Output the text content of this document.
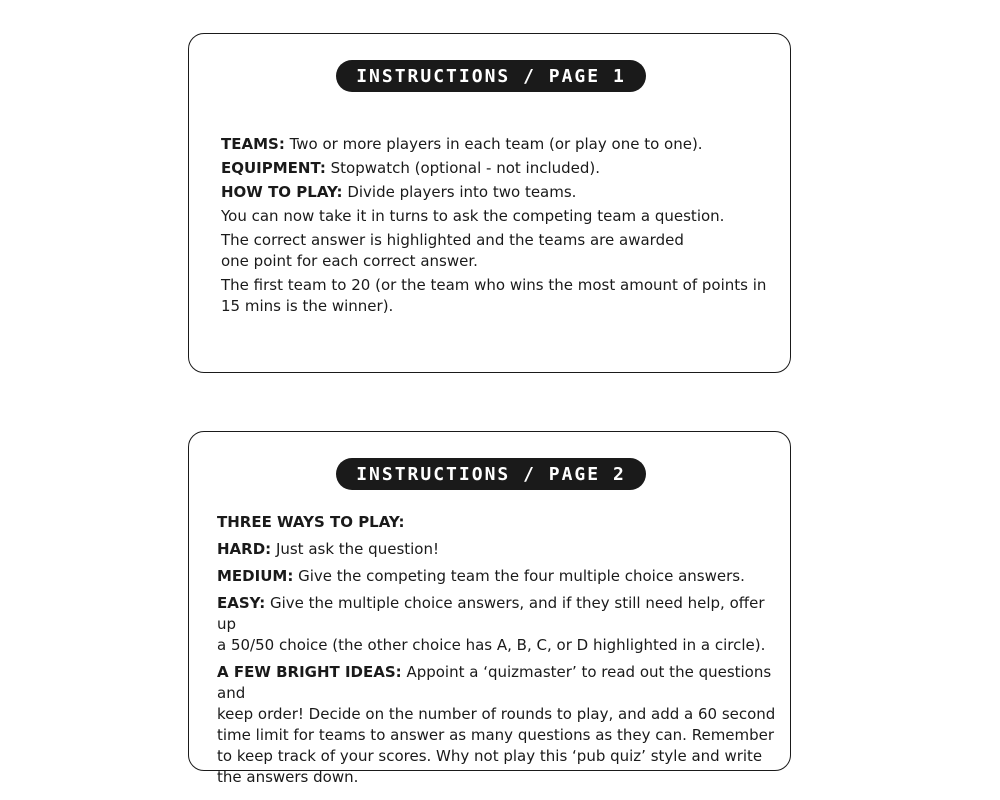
INSTRUCTIONS / PAGE 1

TEAMS: Two or more players in each team (or play one to one).

EQUIPMENT: Stopwatch (optional - not included).

HOW TO PLAY: Divide players into two teams.

You can now take it in turns to ask the competing team a question.

The correct answer is highlighted and the teams are awarded
one point for each correct answer.

The first team to 20 (or the team who wins the most amount of points in
15 mins is the winner).

INSTRUCTIONS / PAGE 2

THREE WAYS TO PLAY:

HARD: Just ask the question!

MEDIUM: Give the competing team the four multiple choice answers.

EASY: Give the multiple choice answers, and if they still need help, offer up
a 50/50 choice (the other choice has A, B, C, or D highlighted in a circle).

A FEW BRIGHT IDEAS: Appoint a ‘quizmaster’ to read out the questions and
keep order! Decide on the number of rounds to play, and add a 60 second
time limit for teams to answer as many questions as they can. Remember
to keep track of your scores. Why not play this ‘pub quiz’ style and write
the answers down.
